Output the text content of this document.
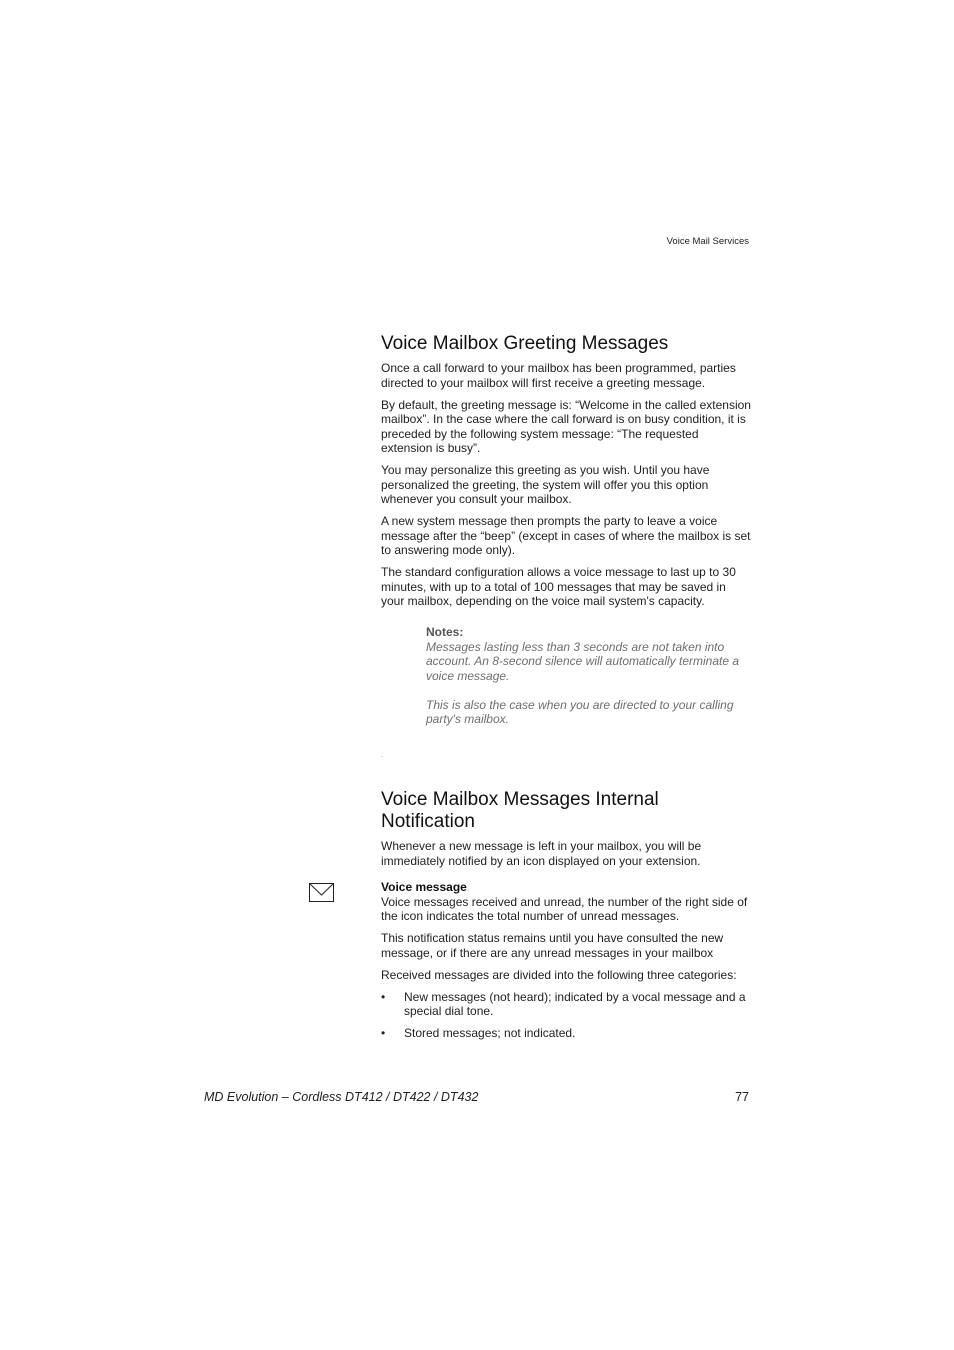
Voice Mail Services
Voice Mailbox Greeting Messages

Once a call forward to your mailbox has been programmed, parties directed to your mailbox will first receive a greeting message.

By default, the greeting message is: “Welcome in the called extension mailbox”. In the case where the call forward is on busy condition, it is preceded by the following system message: “The requested extension is busy”.

You may personalize this greeting as you wish. Until you have personalized the greeting, the system will offer you this option whenever you consult your mailbox.

A new system message then prompts the party to leave a voice message after the “beep” (except in cases of where the mailbox is set to answering mode only).

The standard configuration allows a voice message to last up to 30 minutes, with up to a total of 100 messages that may be saved in your mailbox, depending on the voice mail system's capacity.

Notes:

Messages lasting less than 3 seconds are not taken into account. An 8-second silence will automatically terminate a voice message.

This is also the case when you are directed to your calling party's mailbox.

.
Voice Mailbox Messages Internal
Notification

Whenever a new message is left in your mailbox, you will be immediately notified by an icon displayed on your extension.

Voice message

Voice messages received and unread, the number of the right side of the icon indicates the total number of unread messages.

This notification status remains until you have consulted the new message, or if there are any unread messages in your mailbox

Received messages are divided into the following three categories:

• New messages (not heard); indicated by a vocal message and a special dial tone.
• Stored messages; not indicated.
MD Evolution – Cordless DT412 / DT422 / DT432	77
